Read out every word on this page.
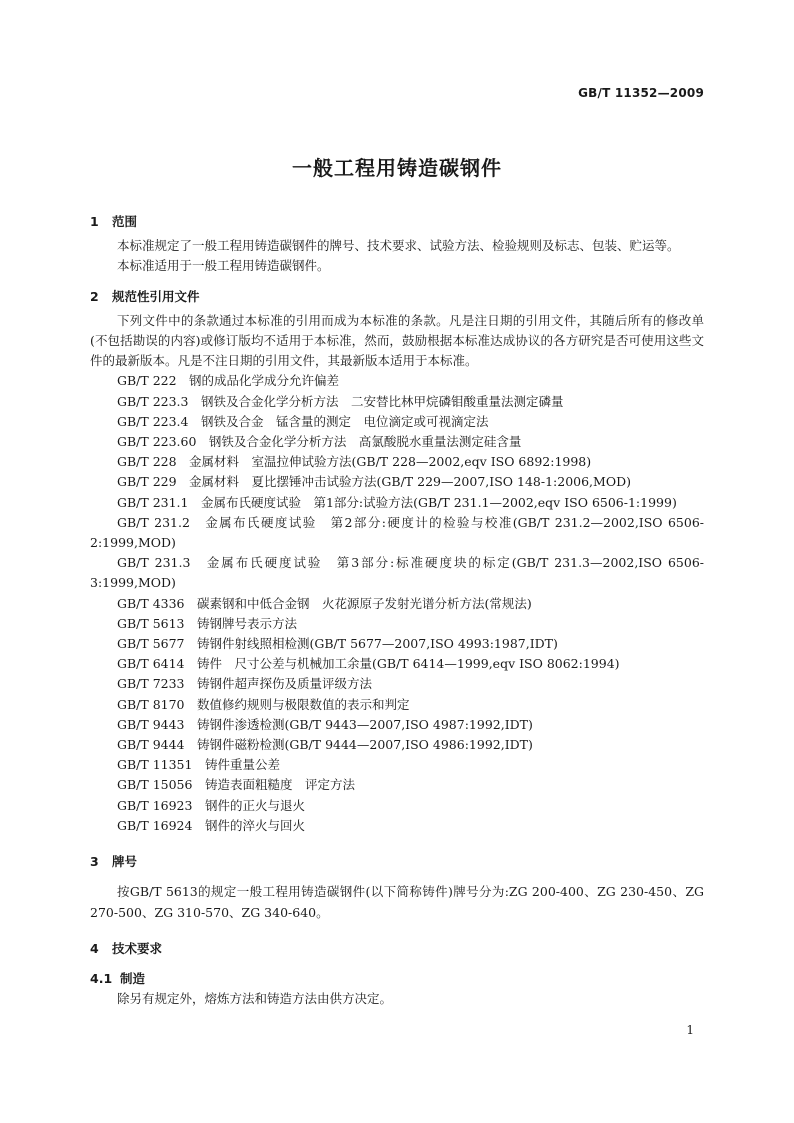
GB/T 11352—2009
一般工程用铸造碳钢件

1 范围

本标准规定了一般工程用铸造碳钢件的牌号、技术要求、试验方法、检验规则及标志、包装、贮运等。

本标准适用于一般工程用铸造碳钢件。

2 规范性引用文件

下列文件中的条款通过本标准的引用而成为本标准的条款。凡是注日期的引用文件，其随后所有的修改单(不包括勘误的内容)或修订版均不适用于本标准，然而，鼓励根据本标准达成协议的各方研究是否可使用这些文件的最新版本。凡是不注日期的引用文件，其最新版本适用于本标准。

GB/T 222　钢的成品化学成分允许偏差

GB/T 223.3　钢铁及合金化学分析方法　二安替比林甲烷磷钼酸重量法测定磷量

GB/T 223.4　钢铁及合金　锰含量的测定　电位滴定或可视滴定法

GB/T 223.60　钢铁及合金化学分析方法　高氯酸脱水重量法测定硅含量

GB/T 228　金属材料　室温拉伸试验方法(GB/T 228—2002,eqv ISO 6892:1998)

GB/T 229　金属材料　夏比摆锤冲击试验方法(GB/T 229—2007,ISO 148-1:2006,MOD)

GB/T 231.1　金属布氏硬度试验　第1部分:试验方法(GB/T 231.1—2002,eqv ISO 6506-1:1999)

GB/T 231.2　金属布氏硬度试验　第2部分:硬度计的检验与校准(GB/T 231.2—2002,ISO 6506-2:1999,MOD)

GB/T 231.3　金属布氏硬度试验　第3部分:标准硬度块的标定(GB/T 231.3—2002,ISO 6506-3:1999,MOD)

GB/T 4336　碳素钢和中低合金钢　火花源原子发射光谱分析方法(常规法)

GB/T 5613　铸钢牌号表示方法

GB/T 5677　铸钢件射线照相检测(GB/T 5677—2007,ISO 4993:1987,IDT)

GB/T 6414　铸件　尺寸公差与机械加工余量(GB/T 6414—1999,eqv ISO 8062:1994)

GB/T 7233　铸钢件超声探伤及质量评级方法

GB/T 8170　数值修约规则与极限数值的表示和判定

GB/T 9443　铸钢件渗透检测(GB/T 9443—2007,ISO 4987:1992,IDT)

GB/T 9444　铸钢件磁粉检测(GB/T 9444—2007,ISO 4986:1992,IDT)

GB/T 11351　铸件重量公差

GB/T 15056　铸造表面粗糙度　评定方法

GB/T 16923　钢件的正火与退火

GB/T 16924　钢件的淬火与回火

3 牌号

按GB/T 5613的规定一般工程用铸造碳钢件(以下简称铸件)牌号分为:ZG 200-400、ZG 230-450、ZG 270-500、ZG 310-570、ZG 340-640。

4 技术要求

4.1 制造

除另有规定外，熔炼方法和铸造方法由供方决定。

1
